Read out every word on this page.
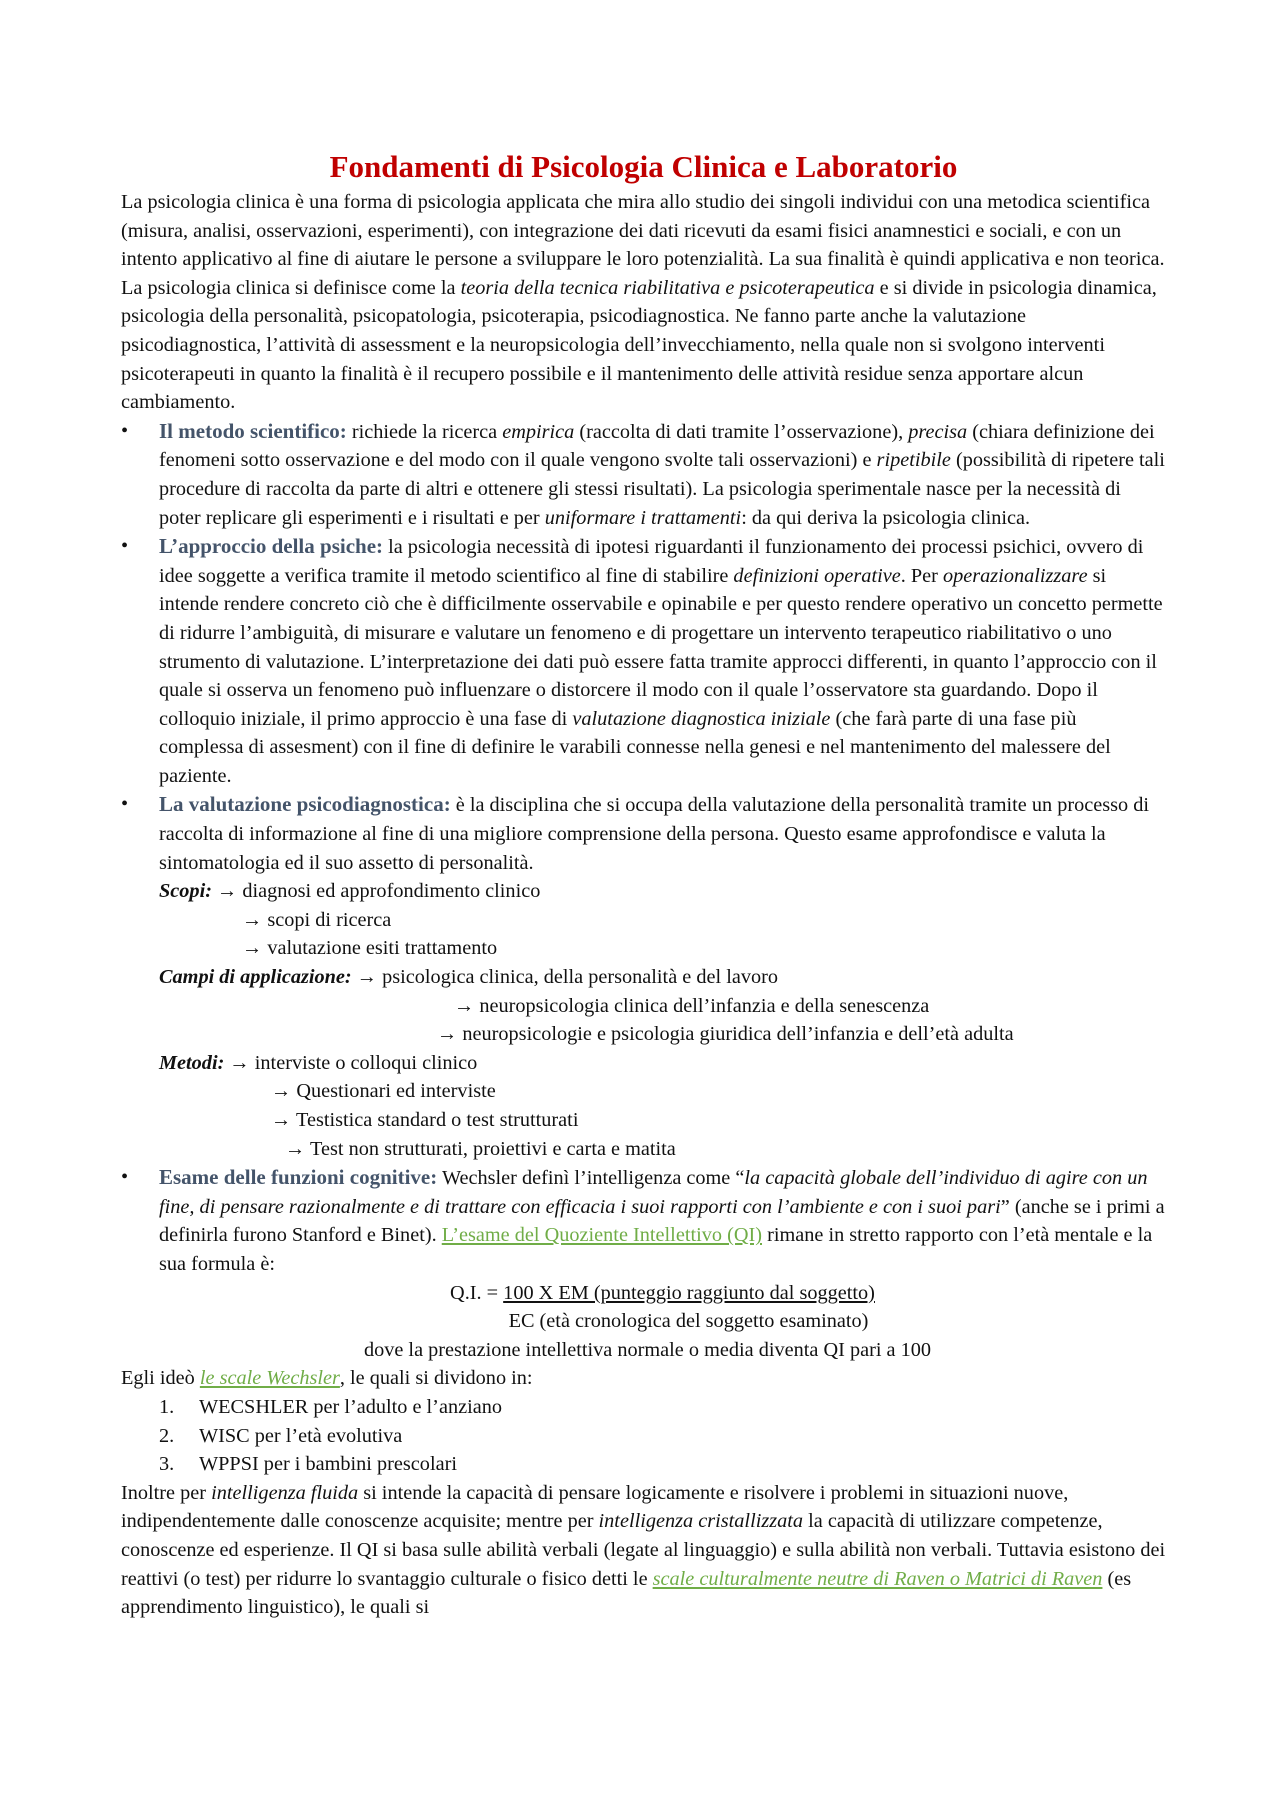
Fondamenti di Psicologia Clinica e Laboratorio

La psicologia clinica è una forma di psicologia applicata che mira allo studio dei singoli individui con una metodica scientifica (misura, analisi, osservazioni, esperimenti), con integrazione dei dati ricevuti da esami fisici anamnestici e sociali, e con un intento applicativo al fine di aiutare le persone a sviluppare le loro potenzialità. La sua finalità è quindi applicativa e non teorica. La psicologia clinica si definisce come la teoria della tecnica riabilitativa e psicoterapeutica e si divide in psicologia dinamica, psicologia della personalità, psicopatologia, psicoterapia, psicodiagnostica. Ne fanno parte anche la valutazione psicodiagnostica, l’attività di assessment e la neuropsicologia dell’invecchiamento, nella quale non si svolgono interventi psicoterapeuti in quanto la finalità è il recupero possibile e il mantenimento delle attività residue senza apportare alcun cambiamento.

•	Il metodo scientifico: richiede la ricerca empirica (raccolta di dati tramite l’osservazione), precisa (chiara definizione dei fenomeni sotto osservazione e del modo con il quale vengono svolte tali osservazioni) e ripetibile (possibilità di ripetere tali procedure di raccolta da parte di altri e ottenere gli stessi risultati). La psicologia sperimentale nasce per la necessità di poter replicare gli esperimenti e i risultati e per uniformare i trattamenti: da qui deriva la psicologia clinica.
•	L’approccio della psiche: la psicologia necessità di ipotesi riguardanti il funzionamento dei processi psichici, ovvero di idee soggette a verifica tramite il metodo scientifico al fine di stabilire definizioni operative. Per operazionalizzare si intende rendere concreto ciò che è difficilmente osservabile e opinabile e per questo rendere operativo un concetto permette di ridurre l’ambiguità, di misurare e valutare un fenomeno e di progettare un intervento terapeutico riabilitativo o uno strumento di valutazione. L’interpretazione dei dati può essere fatta tramite approcci differenti, in quanto l’approccio con il quale si osserva un fenomeno può influenzare o distorcere il modo con il quale l’osservatore sta guardando. Dopo il colloquio iniziale, il primo approccio è una fase di valutazione diagnostica iniziale (che farà parte di una fase più complessa di assesment) con il fine di definire le varabili connesse nella genesi e nel mantenimento del malessere del paziente.
•	La valutazione psicodiagnostica: è la disciplina che si occupa della valutazione della personalità tramite un processo di raccolta di informazione al fine di una migliore comprensione della persona. Questo esame approfondisce e valuta la sintomatologia ed il suo assetto di personalità.
Scopi: → diagnosi ed approfondimento clinico
→ scopi di ricerca
→ valutazione esiti trattamento
Campi di applicazione: → psicologica clinica, della personalità e del lavoro
→ neuropsicologia clinica dell’infanzia e della senescenza
→ neuropsicologie e psicologia giuridica dell’infanzia e dell’età adulta
Metodi: → interviste o colloqui clinico
→ Questionari ed interviste
→ Testistica standard o test strutturati
→ Test non strutturati, proiettivi e carta e matita
•	Esame delle funzioni cognitive: Wechsler definì l’intelligenza come “la capacità globale dell’individuo di agire con un fine, di pensare razionalmente e di trattare con efficacia i suoi rapporti con l’ambiente e con i suoi pari” (anche se i primi a definirla furono Stanford e Binet). L’esame del Quoziente Intellettivo (QI) rimane in stretto rapporto con l’età mentale e la sua formula è:
Q.I. = 100 X EM (punteggio raggiunto dal soggetto)
EC (età cronologica del soggetto esaminato)
dove la prestazione intellettiva normale o media diventa QI pari a 100

Egli ideò le scale Wechsler, le quali si dividono in:

1. WECSHLER per l’adulto e l’anziano
2. WISC per l’età evolutiva
3. WPPSI per i bambini prescolari

Inoltre per intelligenza fluida si intende la capacità di pensare logicamente e risolvere i problemi in situazioni nuove, indipendentemente dalle conoscenze acquisite; mentre per intelligenza cristallizzata la capacità di utilizzare competenze, conoscenze ed esperienze. Il QI si basa sulle abilità verbali (legate al linguaggio) e sulla abilità non verbali. Tuttavia esistono dei reattivi (o test) per ridurre lo svantaggio culturale o fisico detti le scale culturalmente neutre di Raven o Matrici di Raven (es apprendimento linguistico), le quali si
